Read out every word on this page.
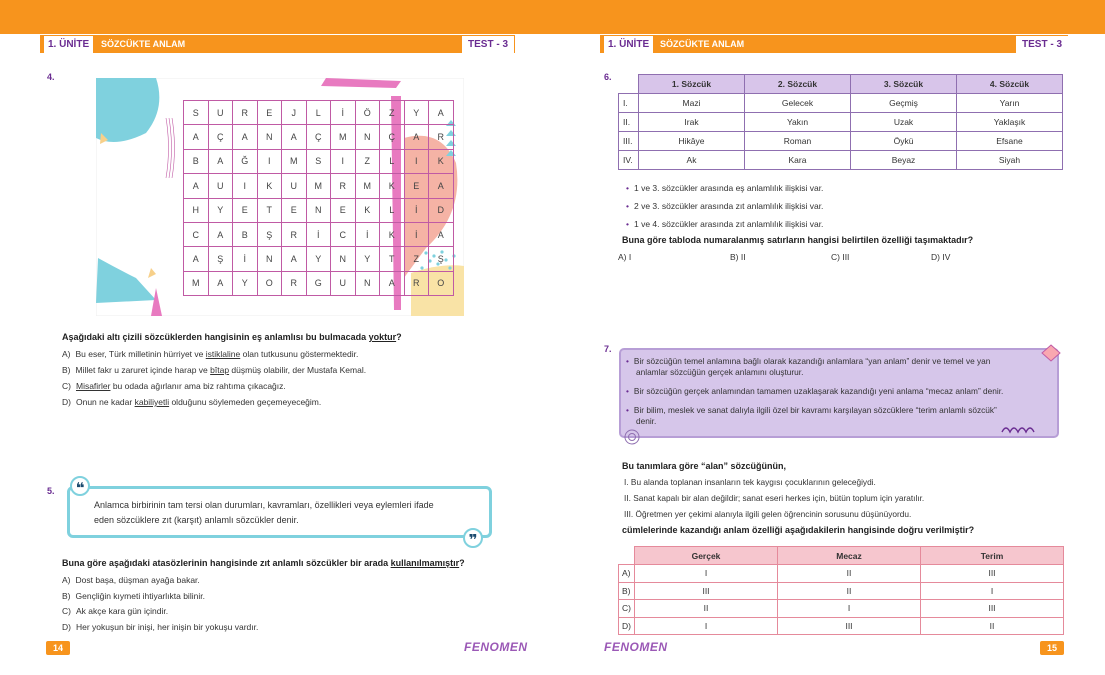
1. ÜNİTE	SÖZCÜKTE ANLAM	TEST - 3	1. ÜNİTE	SÖZCÜKTE ANLAM	TEST - 3
4.
S	U	R	E	J	L	İ	Ö	Z	Y	A
A	Ç	A	N	A	Ç	M	N	Ç	A	R
B	A	Ğ	I	M	S	I	Z	L	I	K
A	U	I	K	U	M	R	M	K	E	A
H	Y	E	T	E	N	E	K	L	İ	D
C	A	B	Ş	R	İ	C	İ	K	İ	A
A	Ş	İ	N	A	Y	N	Y	T	Z	Ş
M	A	Y	O	R	G	U	N	A	R	O
Aşağıdaki altı çizili sözcüklerden hangisinin eş anlamlısı bu bulmacada yoktur?
A) Bu eser, Türk milletinin hürriyet ve istiklaline olan tutkusunu göstermektedir.
B) Millet fakr u zaruret içinde harap ve bîtap düşmüş olabilir, der Mustafa Kemal.
C) Misafirler bu odada ağırlanır ama biz rahtıma çıkacağız.
D) Onun ne kadar kabiliyetli olduğunu söylemeden geçemeyeceğim.
5.	❝
❞
Anlamca birbirinin tam tersi olan durumları, kavramları, özellikleri veya eylemleri ifade
eden sözcüklere zıt (karşıt) anlamlı sözcükler denir.
Buna göre aşağıdaki atasözlerinin hangisinde zıt anlamlı sözcükler bir arada kullanılmamıştır?
A) Dost başa, düşman ayağa bakar.
B) Gençliğin kıymeti ihtiyarlıkta bilinir.
C) Ak akçe kara gün içindir.
D) Her yokuşun bir inişi, her inişin bir yokuşu vardır.
14	FENOMEN
6.
	1. Sözcük	2. Sözcük	3. Sözcük	4. Sözcük
I.	Mazi	Gelecek	Geçmiş	Yarın
II.	Irak	Yakın	Uzak	Yaklaşık
III.	Hikâye	Roman	Öykü	Efsane
IV.	Ak	Kara	Beyaz	Siyah
• 1 ve 3. sözcükler arasında eş anlamlılık ilişkisi var.
• 2 ve 3. sözcükler arasında zıt anlamlılık ilişkisi var.
• 1 ve 4. sözcükler arasında zıt anlamlılık ilişkisi var.
Buna göre tabloda numaralanmış satırların hangisi belirtilen özelliği taşımaktadır?
A) I	B) II	C) III	D) IV
7.
• Bir sözcüğün temel anlamına bağlı olarak kazandığı anlamlara “yan anlam” denir ve temel ve yan
anlamlar sözcüğün gerçek anlamını oluşturur.
• Bir sözcüğün gerçek anlamından tamamen uzaklaşarak kazandığı yeni anlama “mecaz anlam” denir.
• Bir bilim, meslek ve sanat dalıyla ilgili özel bir kavramı karşılayan sözcüklere “terim anlamlı sözcük”
denir.
Bu tanımlara göre “alan” sözcüğünün,
I. Bu alanda toplanan insanların tek kaygısı çocuklarının geleceğiydi.
II. Sanat kapalı bir alan değildir; sanat eseri herkes için, bütün toplum için yaratılır.
III. Öğretmen yer çekimi alanıyla ilgili gelen öğrencinin sorusunu düşünüyordu.
cümlelerinde kazandığı anlam özelliği aşağıdakilerin hangisinde doğru verilmiştir?
	Gerçek	Mecaz	Terim
A)	I	II	III
B)	III	II	I
C)	II	I	III
D)	I	III	II
FENOMEN	15
